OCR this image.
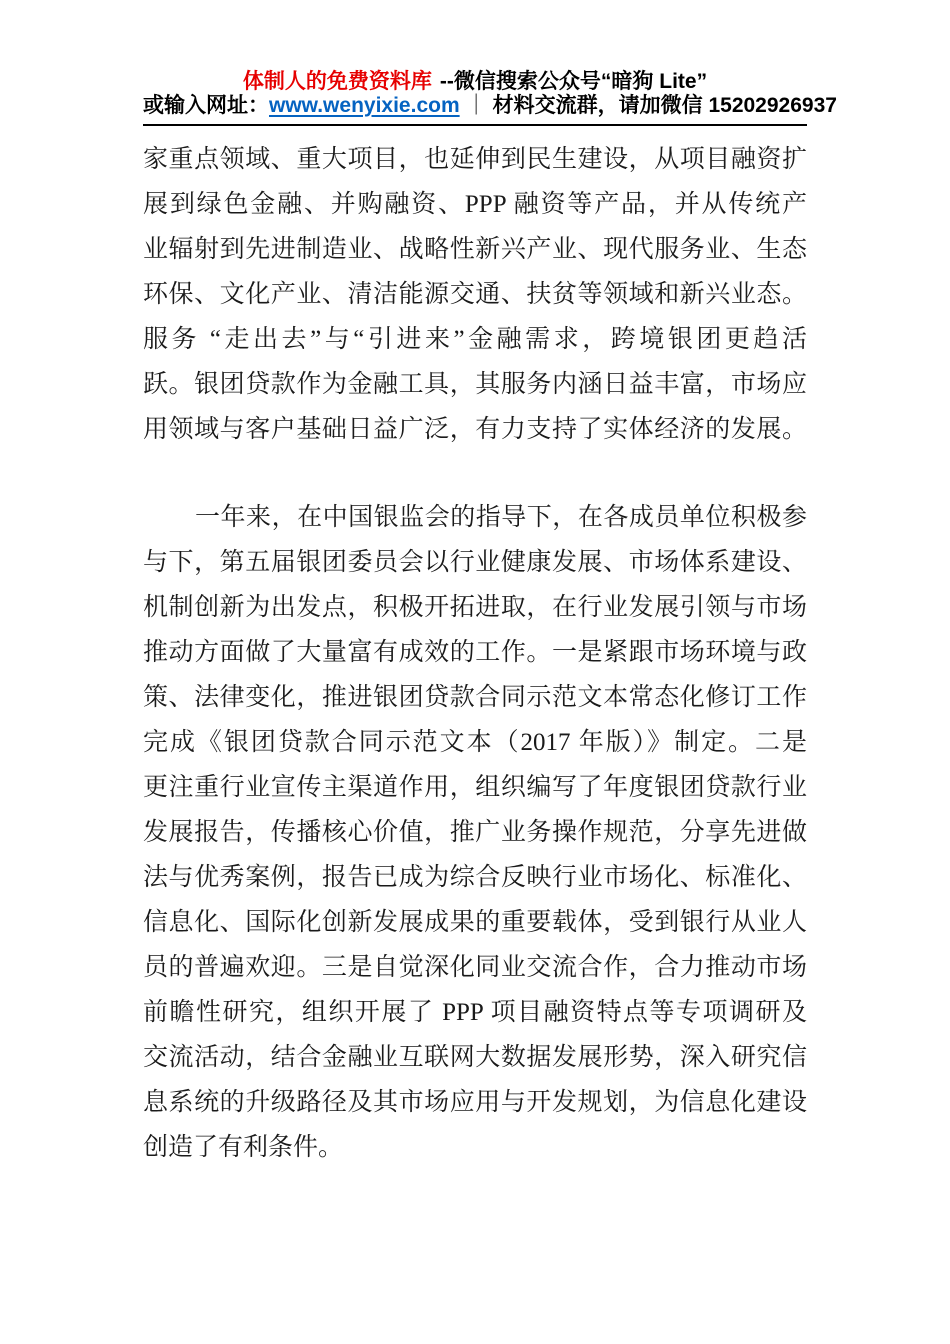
体制人的免费资料库 --微信搜索公众号“暗狗 Lite”
或输入网址：www.wenyixie.com ｜ 材料交流群，请加微信 15202926937
家重点领域、重大项目，也延伸到民生建设，从项目融资扩
展到绿色金融、并购融资、PPP 融资等产品，并从传统产
业辐射到先进制造业、战略性新兴产业、现代服务业、生态
环保、文化产业、清洁能源交通、扶贫等领域和新兴业态。
服务 “走出去”与“引进来”金融需求，跨境银团更趋活
跃。银团贷款作为金融工具，其服务内涵日益丰富，市场应
用领域与客户基础日益广泛，有力支持了实体经济的发展。
一年来，在中国银监会的指导下，在各成员单位积极参
与下，第五届银团委员会以行业健康发展、市场体系建设、
机制创新为出发点，积极开拓进取，在行业发展引领与市场
推动方面做了大量富有成效的工作。一是紧跟市场环境与政
策、法律变化，推进银团贷款合同示范文本常态化修订工作
完成《银团贷款合同示范文本（2017 年版）》制定。二是
更注重行业宣传主渠道作用，组织编写了年度银团贷款行业
发展报告，传播核心价值，推广业务操作规范，分享先进做
法与优秀案例，报告已成为综合反映行业市场化、标准化、
信息化、国际化创新发展成果的重要载体，受到银行从业人
员的普遍欢迎。三是自觉深化同业交流合作，合力推动市场
前瞻性研究，组织开展了 PPP 项目融资特点等专项调研及
交流活动，结合金融业互联网大数据发展形势，深入研究信
息系统的升级路径及其市场应用与开发规划，为信息化建设
创造了有利条件。
